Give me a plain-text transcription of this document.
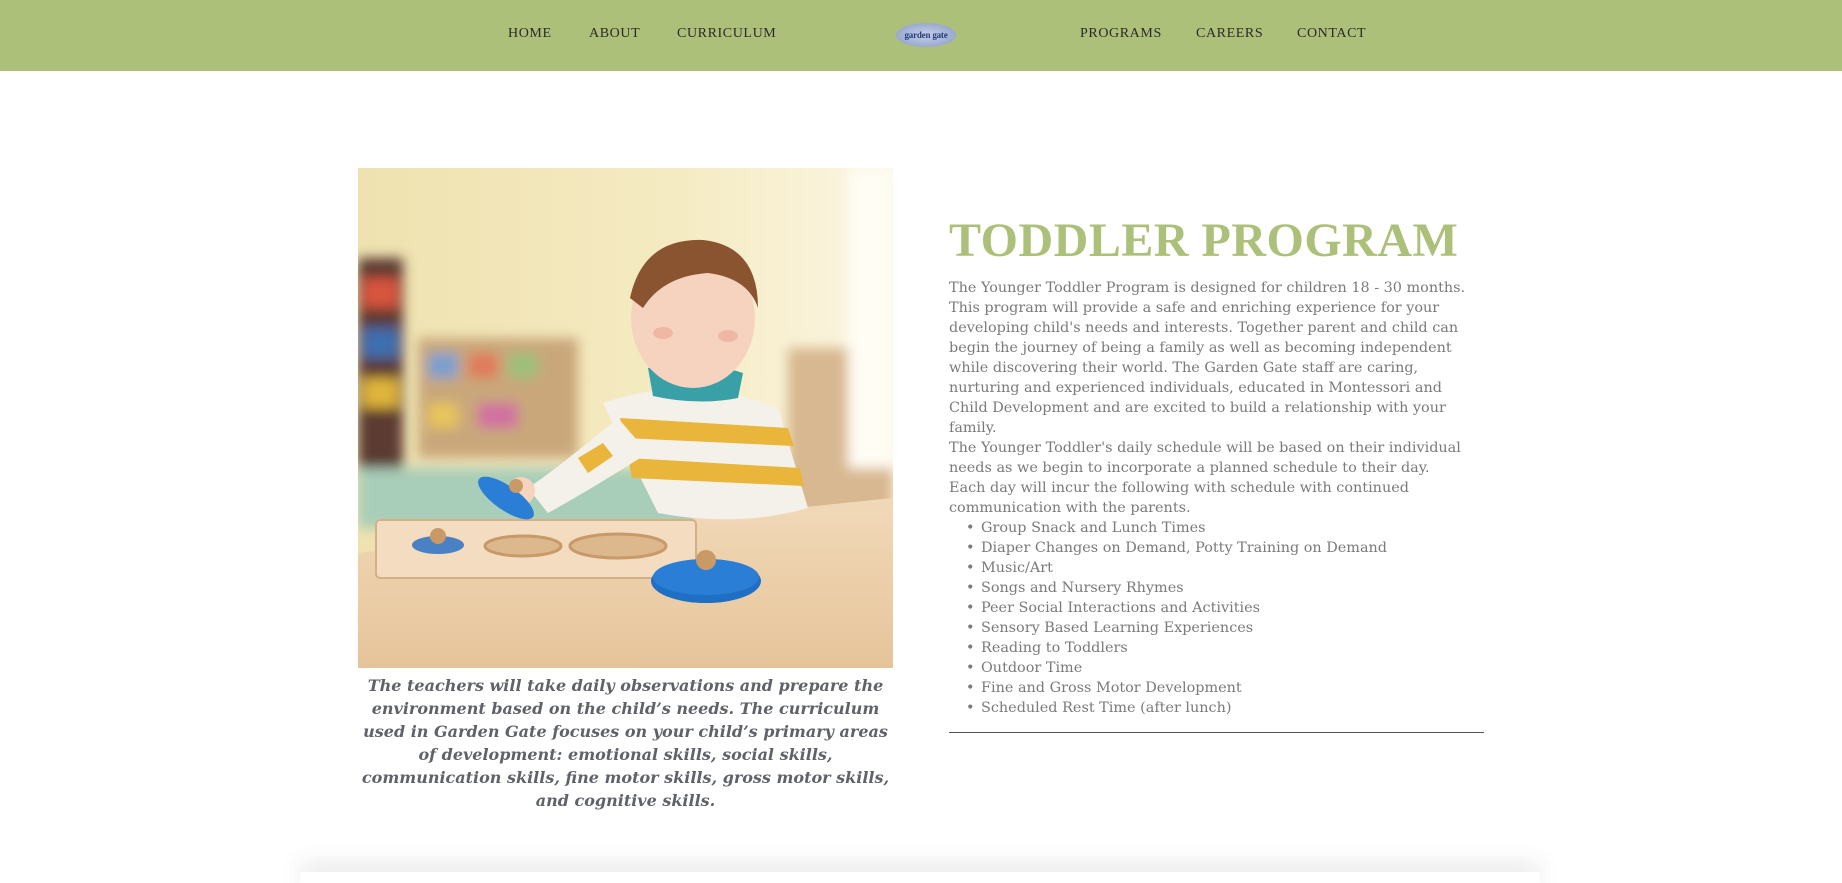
HOME	ABOUT	CURRICULUM	garden gate	PROGRAMS CAREERS CONTACT

The teachers will take daily observations and prepare the environment based on the child’s needs. The curriculum used in Garden Gate focuses on your child’s primary areas of development: emotional skills, social skills, communication skills, fine motor skills, gross motor skills, and cognitive skills.

TODDLER PROGRAM

The Younger Toddler Program is designed for children 18 - 30 months. This program will provide a safe and enriching experience for your developing child's needs and interests. Together parent and child can begin the journey of being a family as well as becoming independent while discovering their world. The Garden Gate staff are caring, nurturing and experienced individuals, educated in Montessori and Child Development and are excited to build a relationship with your family.

The Younger Toddler's daily schedule will be based on their individual needs as we begin to incorporate a planned schedule to their day. Each day will incur the following with schedule with continued communication with the parents.

• Group Snack and Lunch Times
• Diaper Changes on Demand, Potty Training on Demand
• Music/Art
• Songs and Nursery Rhymes
• Peer Social Interactions and Activities
• Sensory Based Learning Experiences
• Reading to Toddlers
• Outdoor Time
• Fine and Gross Motor Development
• Scheduled Rest Time (after lunch)
